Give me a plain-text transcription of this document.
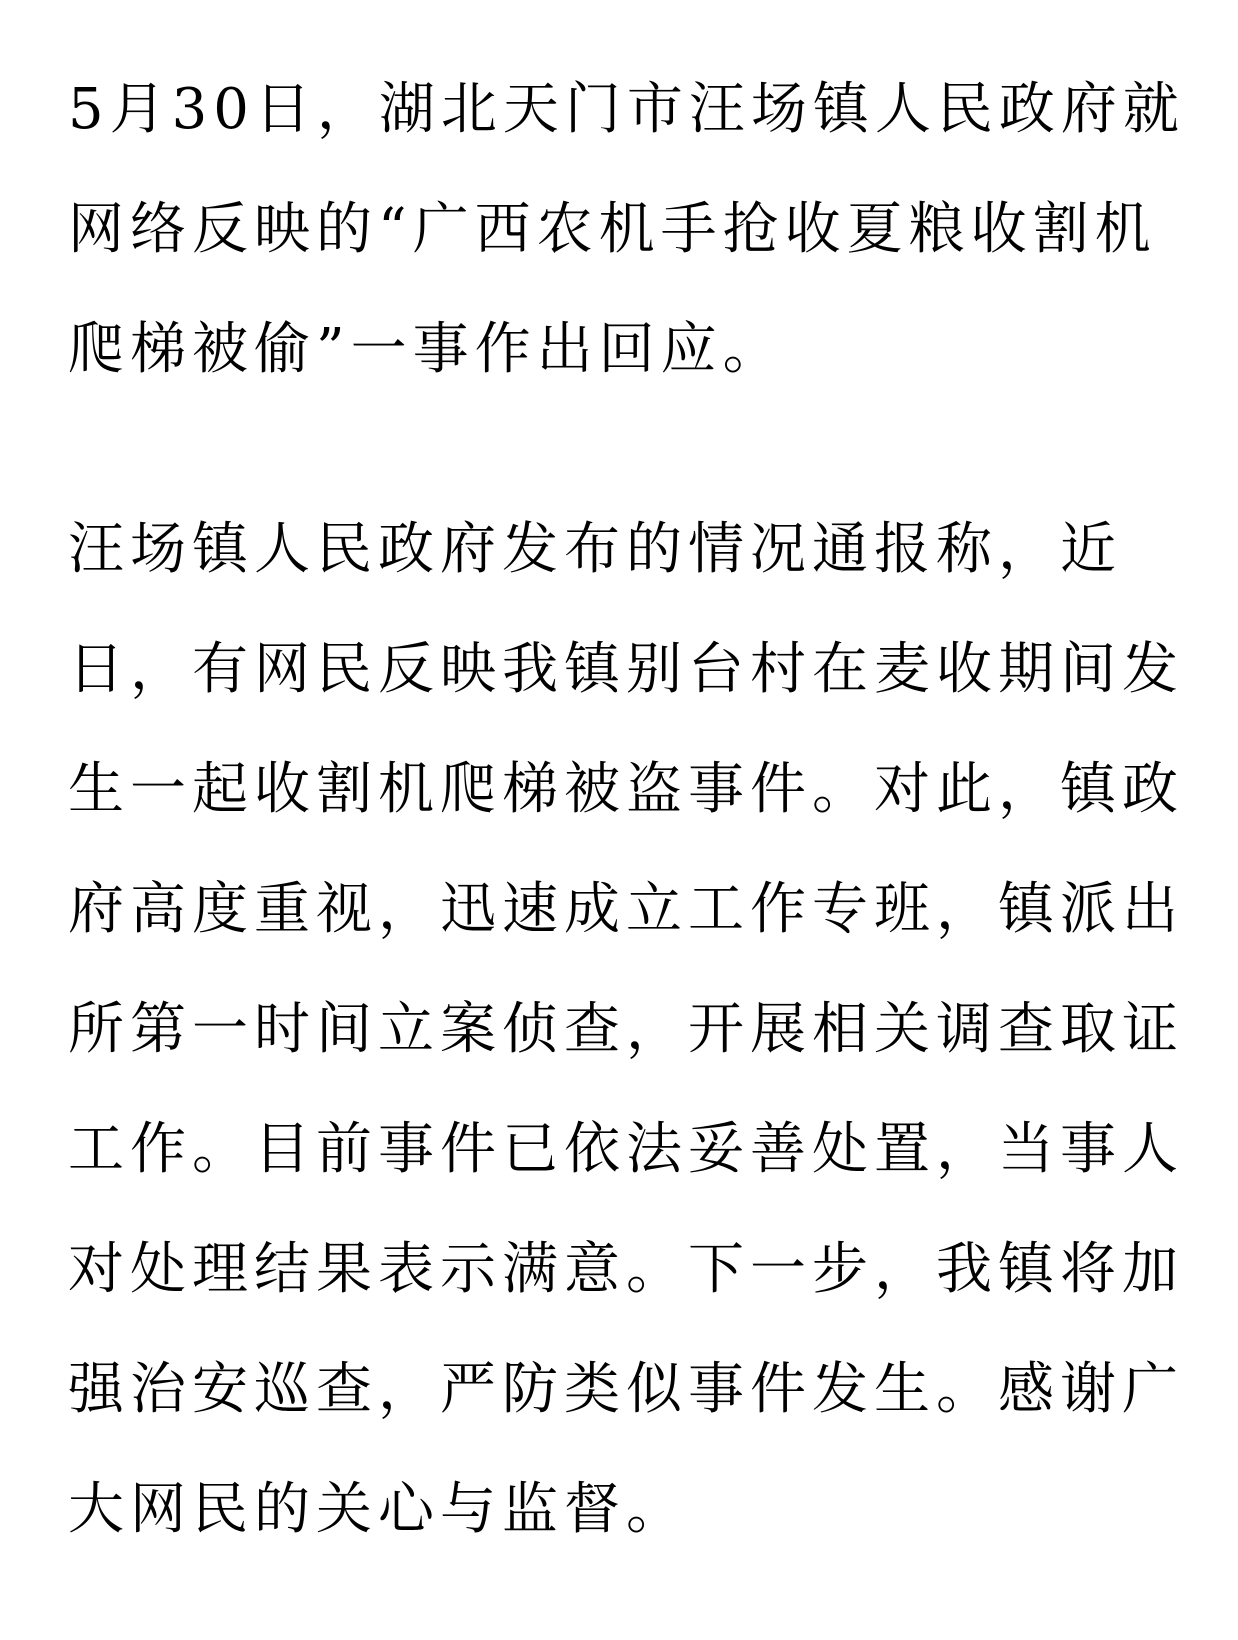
5月30日，湖北天门市汪场镇人民政府就
网络反映的“广西农机手抢收夏粮收割机
爬梯被偷”一事作出回应。
汪场镇人民政府发布的情况通报称，近
日，有网民反映我镇别台村在麦收期间发
生一起收割机爬梯被盗事件。对此，镇政
府高度重视，迅速成立工作专班，镇派出
所第一时间立案侦查，开展相关调查取证
工作。目前事件已依法妥善处置，当事人
对处理结果表示满意。下一步，我镇将加
强治安巡查，严防类似事件发生。感谢广
大网民的关心与监督。
